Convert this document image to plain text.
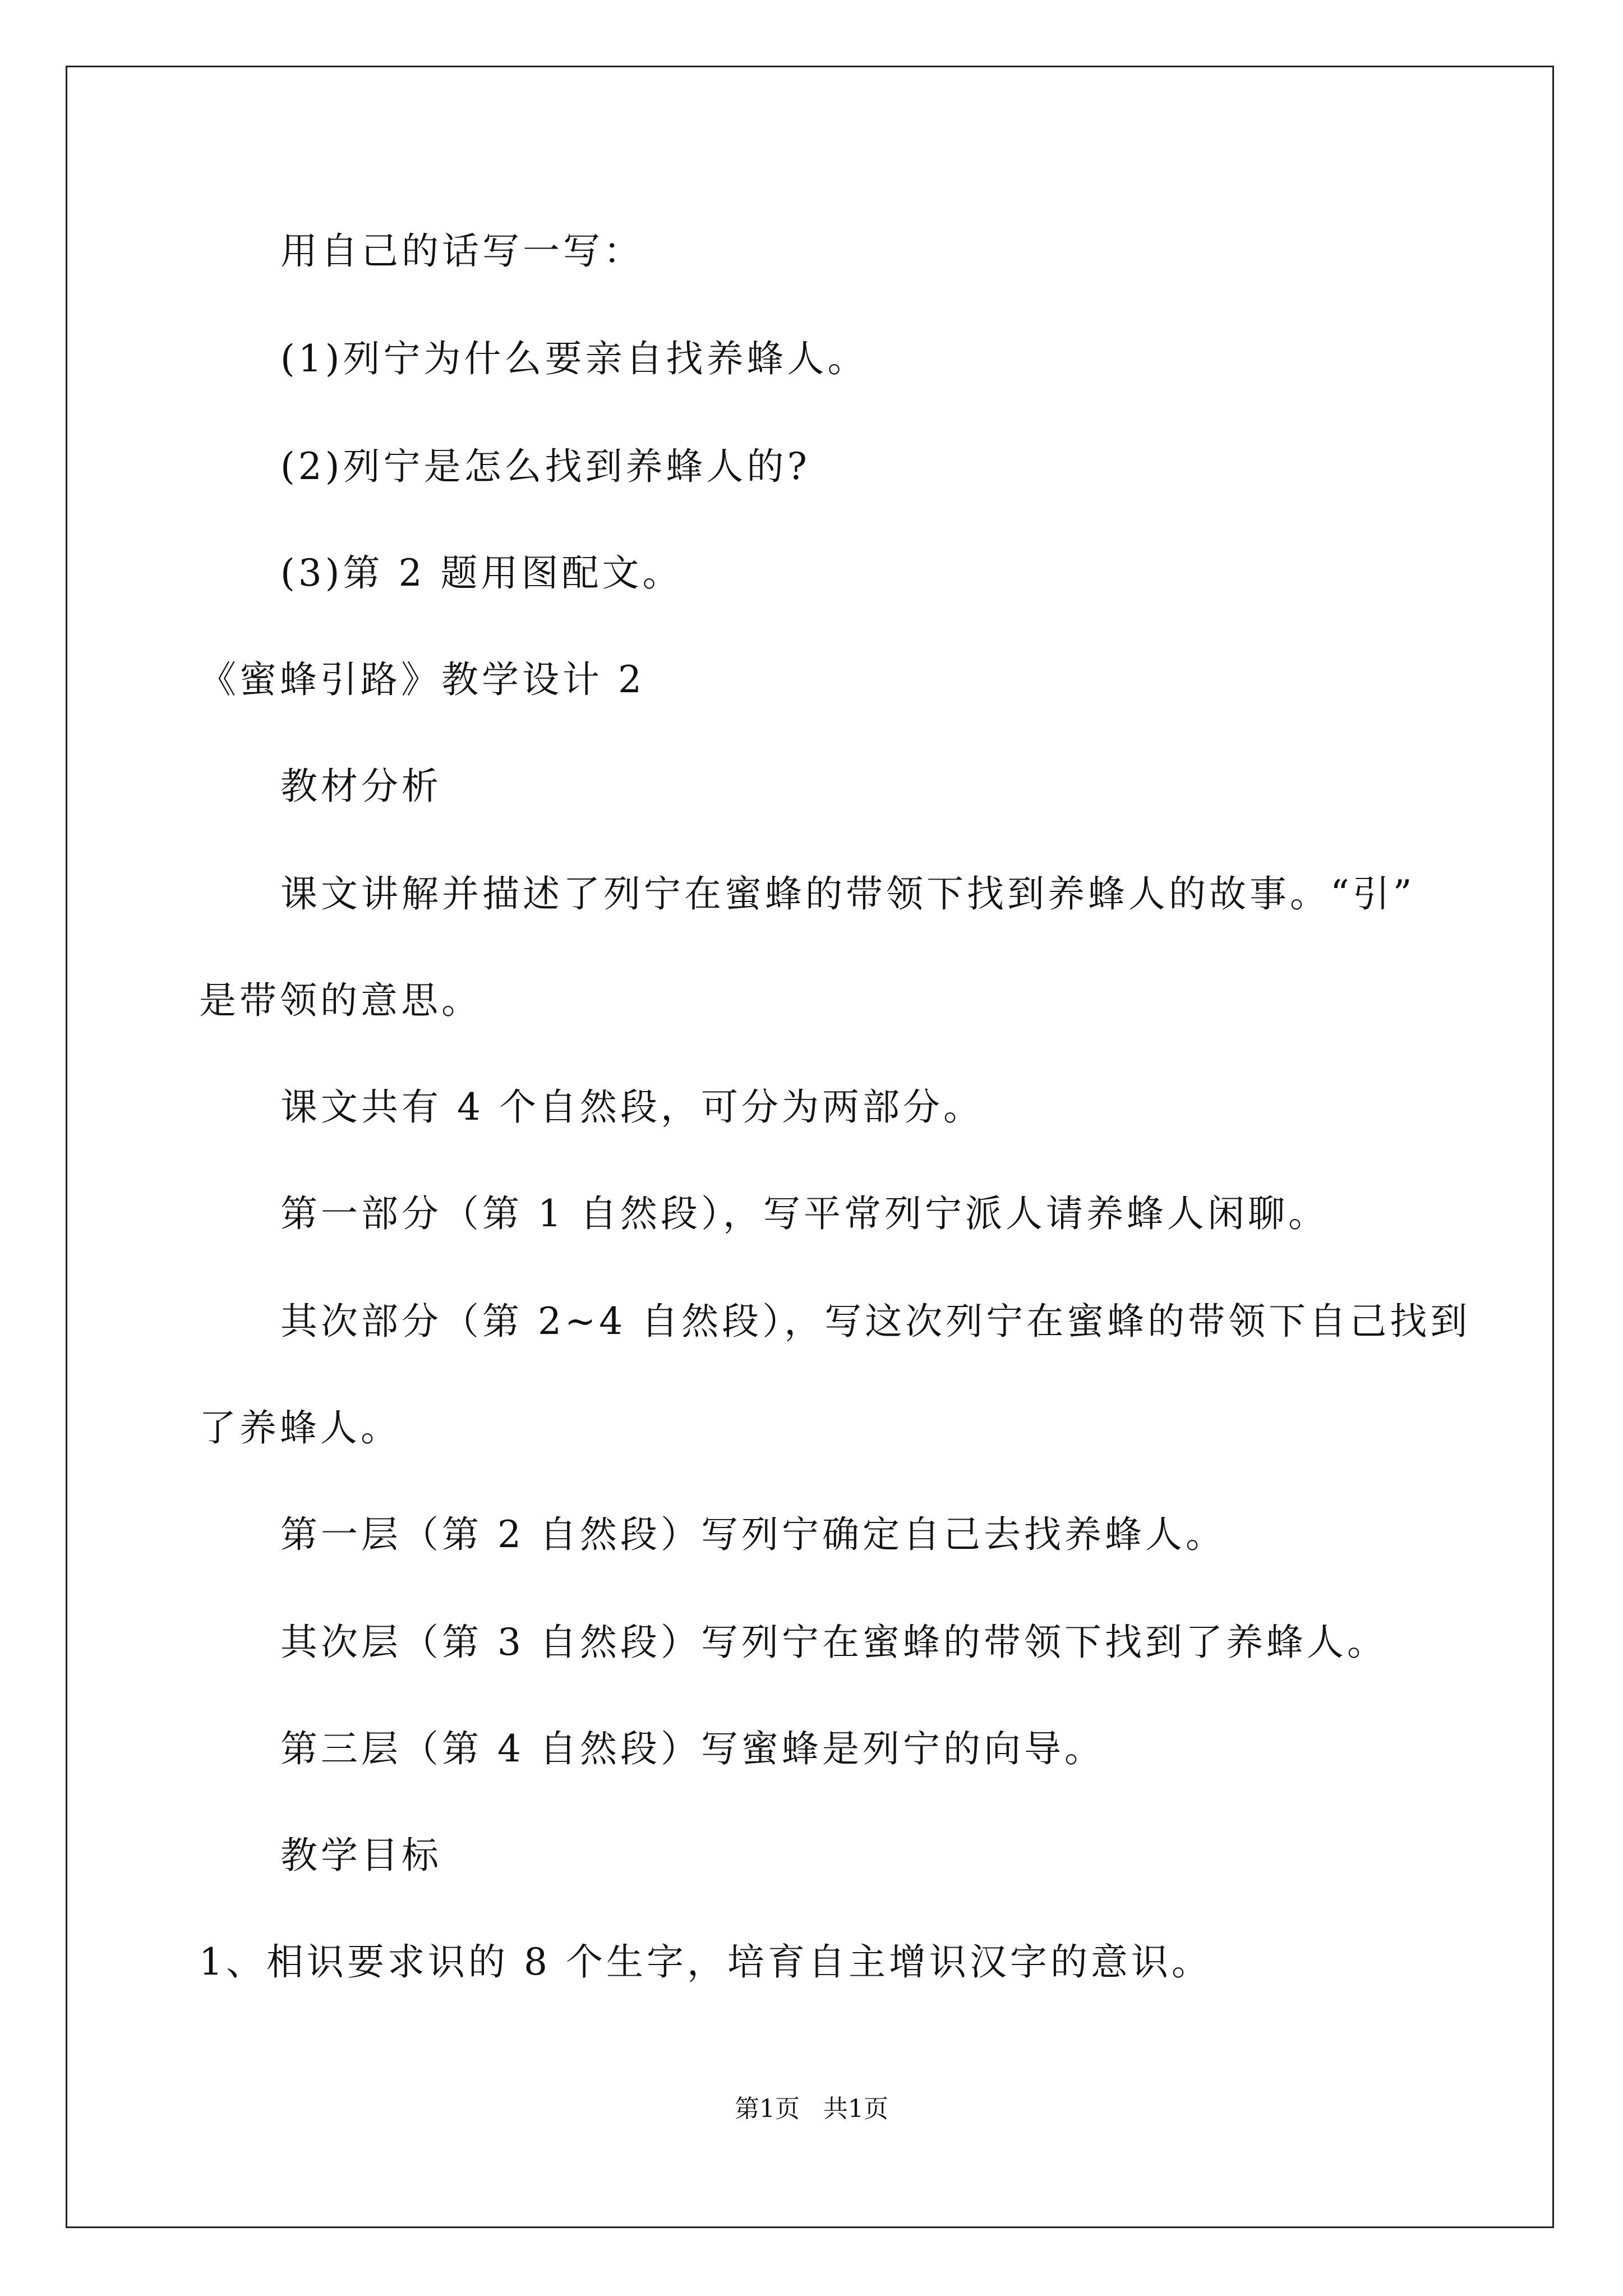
用自己的话写一写：
(1)列宁为什么要亲自找养蜂人。
(2)列宁是怎么找到养蜂人的?
(3)第 2 题用图配文。
《蜜蜂引路》教学设计 2
教材分析
课文讲解并描述了列宁在蜜蜂的带领下找到养蜂人的故事。“引”
是带领的意思。
课文共有 4 个自然段，可分为两部分。
第一部分（第 1 自然段），写平常列宁派人请养蜂人闲聊。
其次部分（第 2~4 自然段），写这次列宁在蜜蜂的带领下自己找到
了养蜂人。
第一层（第 2 自然段）写列宁确定自己去找养蜂人。
其次层（第 3 自然段）写列宁在蜜蜂的带领下找到了养蜂人。
第三层（第 4 自然段）写蜜蜂是列宁的向导。
教学目标
1、相识要求识的 8 个生字，培育自主增识汉字的意识。
第1页   共1页
